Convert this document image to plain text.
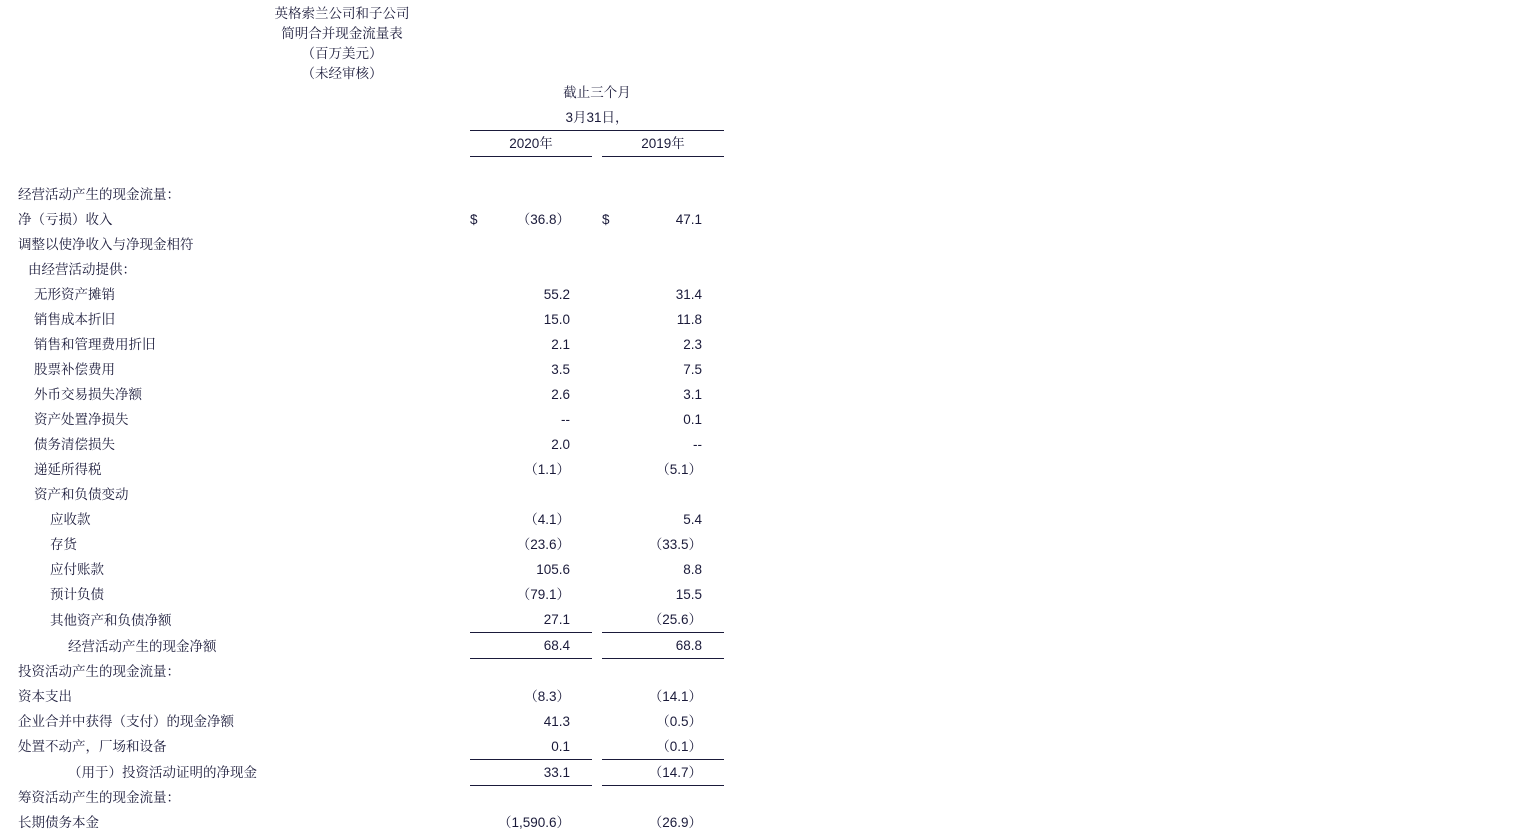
英格索兰公司和子公司
简明合并现金流量表
（百万美元）
（未经审核）
	截止三个月						
	3月31日，						
	2020年				2019年		

经营活动产生的现金流量：							
净（亏损）收入	$	（36.8）			$	47.1	
调整以使净收入与净现金相符
由经营活动提供：							
无形资产摊销		55.2				31.4	
销售成本折旧		15.0				11.8	
销售和管理费用折旧		2.1				2.3	
股票补偿费用		3.5				7.5	
外币交易损失净额		2.6				3.1	
资产处置净损失		--				0.1	
债务清偿损失		2.0				--	
递延所得税		（1.1）				（5.1）	
资产和负债变动							
应收款		（4.1）				5.4	
存货		（23.6）				（33.5）	
应付账款		105.6				8.8	
预计负债		（79.1）				15.5	
其他资产和负债净额		27.1				（25.6）	
经营活动产生的现金净额		68.4				68.8	
投资活动产生的现金流量：							
资本支出		（8.3）				（14.1）	
企业合并中获得（支付）的现金净额		41.3				（0.5）	
处置不动产，厂场和设备		0.1				（0.1）	
（用于）投资活动证明的净现金		33.1				（14.7）	
筹资活动产生的现金流量：							
长期债务本金		（1,590.6）				（26.9）	
